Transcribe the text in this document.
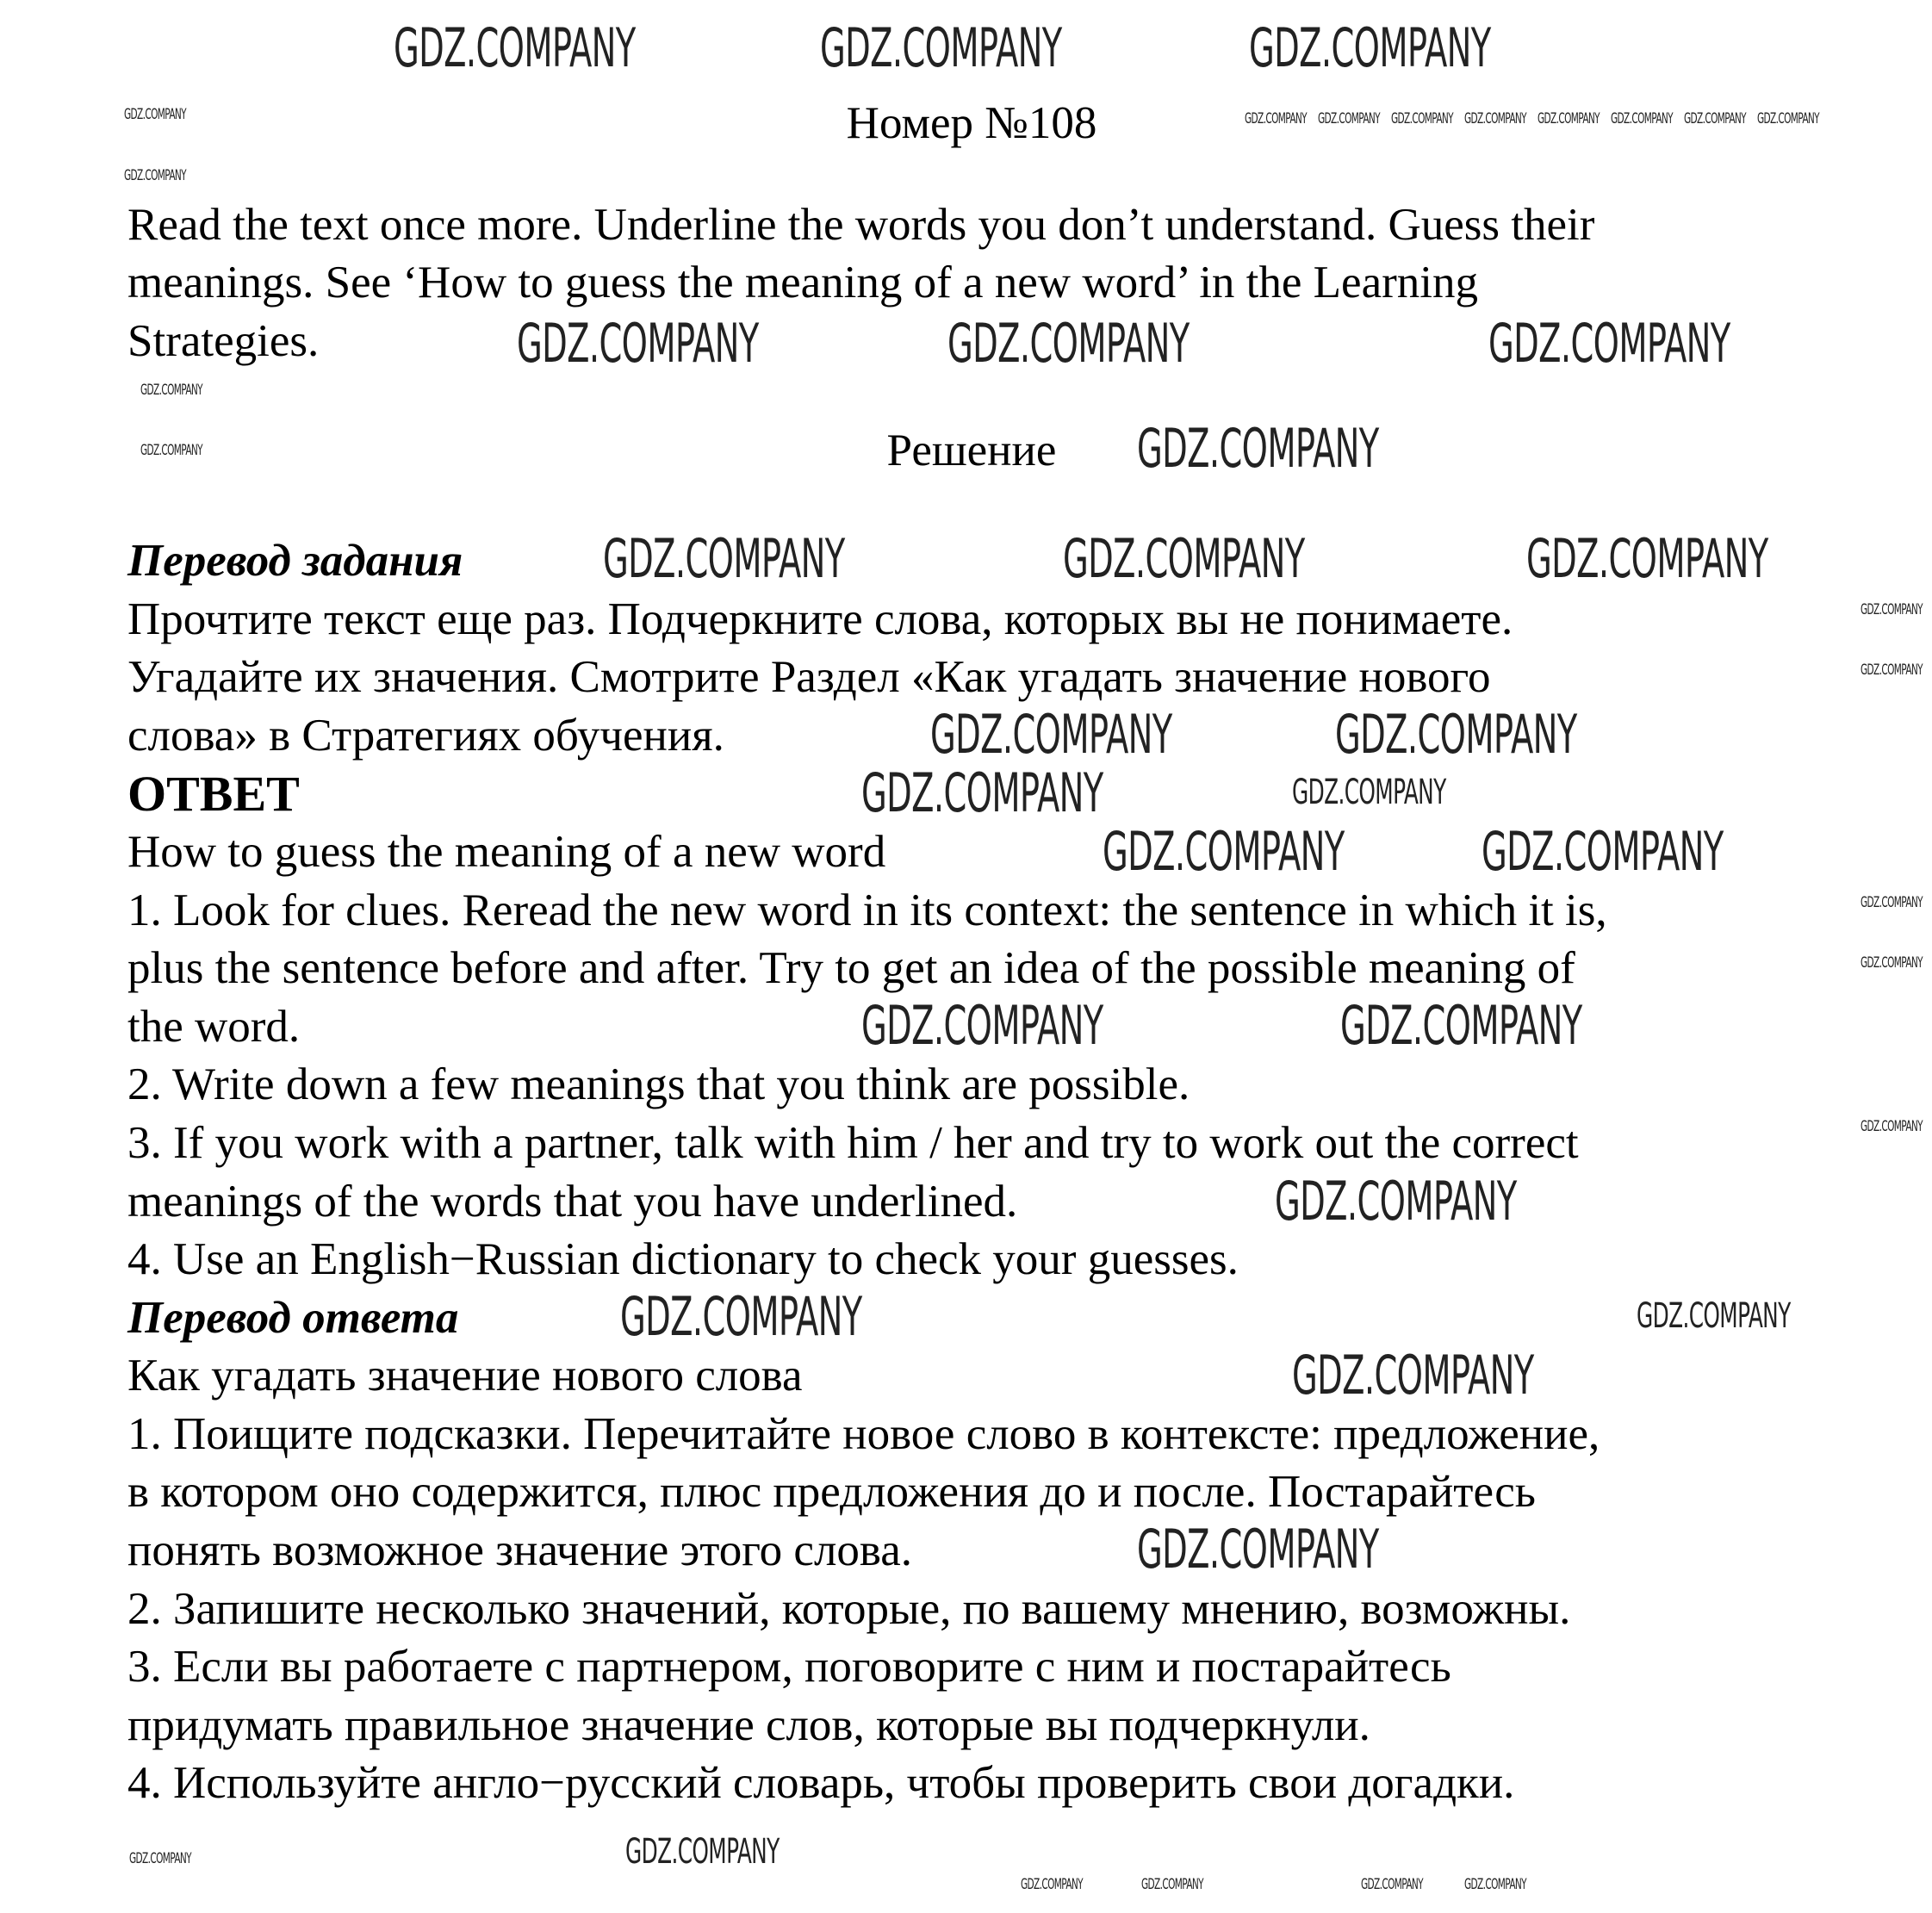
Номер №108
Read the text once more. Underline the words you don’t understand. Guess their
meanings. See ‘How to guess the meaning of a new word’ in the Learning
Strategies.
Решение
Перевод задания
Прочтите текст еще раз. Подчеркните слова, которых вы не понимаете.
Угадайте их значения. Смотрите Раздел «Как угадать значение нового
слова» в Стратегиях обучения.
ОТВЕТ
How to guess the meaning of a new word
1. Look for clues. Reread the new word in its context: the sentence in which it is,
plus the sentence before and after. Try to get an idea of the possible meaning of
the word.
2. Write down a few meanings that you think are possible.
3. If you work with a partner, talk with him / her and try to work out the correct
meanings of the words that you have underlined.
4. Use an English−Russian dictionary to check your guesses.
Перевод ответа
Как угадать значение нового слова
1. Поищите подсказки. Перечитайте новое слово в контексте: предложение,
в котором оно содержится, плюс предложения до и после. Постарайтесь
понять возможное значение этого слова.
2. Запишите несколько значений, которые, по вашему мнению, возможны.
3. Если вы работаете с партнером, поговорите с ним и постарайтесь
придумать правильное значение слов, которые вы подчеркнули.
4. Используйте англо−русский словарь, чтобы проверить свои догадки.
GDZ.COMPANY	GDZ.COMPANY	GDZ.COMPANY
GDZ.COMPANY	GDZ.COMPANY	GDZ.COMPANY
GDZ.COMPANY
GDZ.COMPANY	GDZ.COMPANY	GDZ.COMPANY
GDZ.COMPANY	GDZ.COMPANY
GDZ.COMPANY	GDZ.COMPANY
GDZ.COMPANY	GDZ.COMPANY
GDZ.COMPANY	GDZ.COMPANY
GDZ.COMPANY
GDZ.COMPANY
GDZ.COMPANY
GDZ.COMPANY
GDZ.COMPANY
GDZ.COMPANY
GDZ.COMPANY GDZ.COMPANY GDZ.COMPANY GDZ.COMPANY GDZ.COMPANY GDZ.COMPANY GDZ.COMPANY GDZ.COMPANY
GDZ.COMPANY
GDZ.COMPANY
GDZ.COMPANY
GDZ.COMPANY
GDZ.COMPANY
GDZ.COMPANY
GDZ.COMPANY
GDZ.COMPANY
GDZ.COMPANY
GDZ.COMPANY
GDZ.COMPANY	GDZ.COMPANY	GDZ.COMPANY	GDZ.COMPANY
